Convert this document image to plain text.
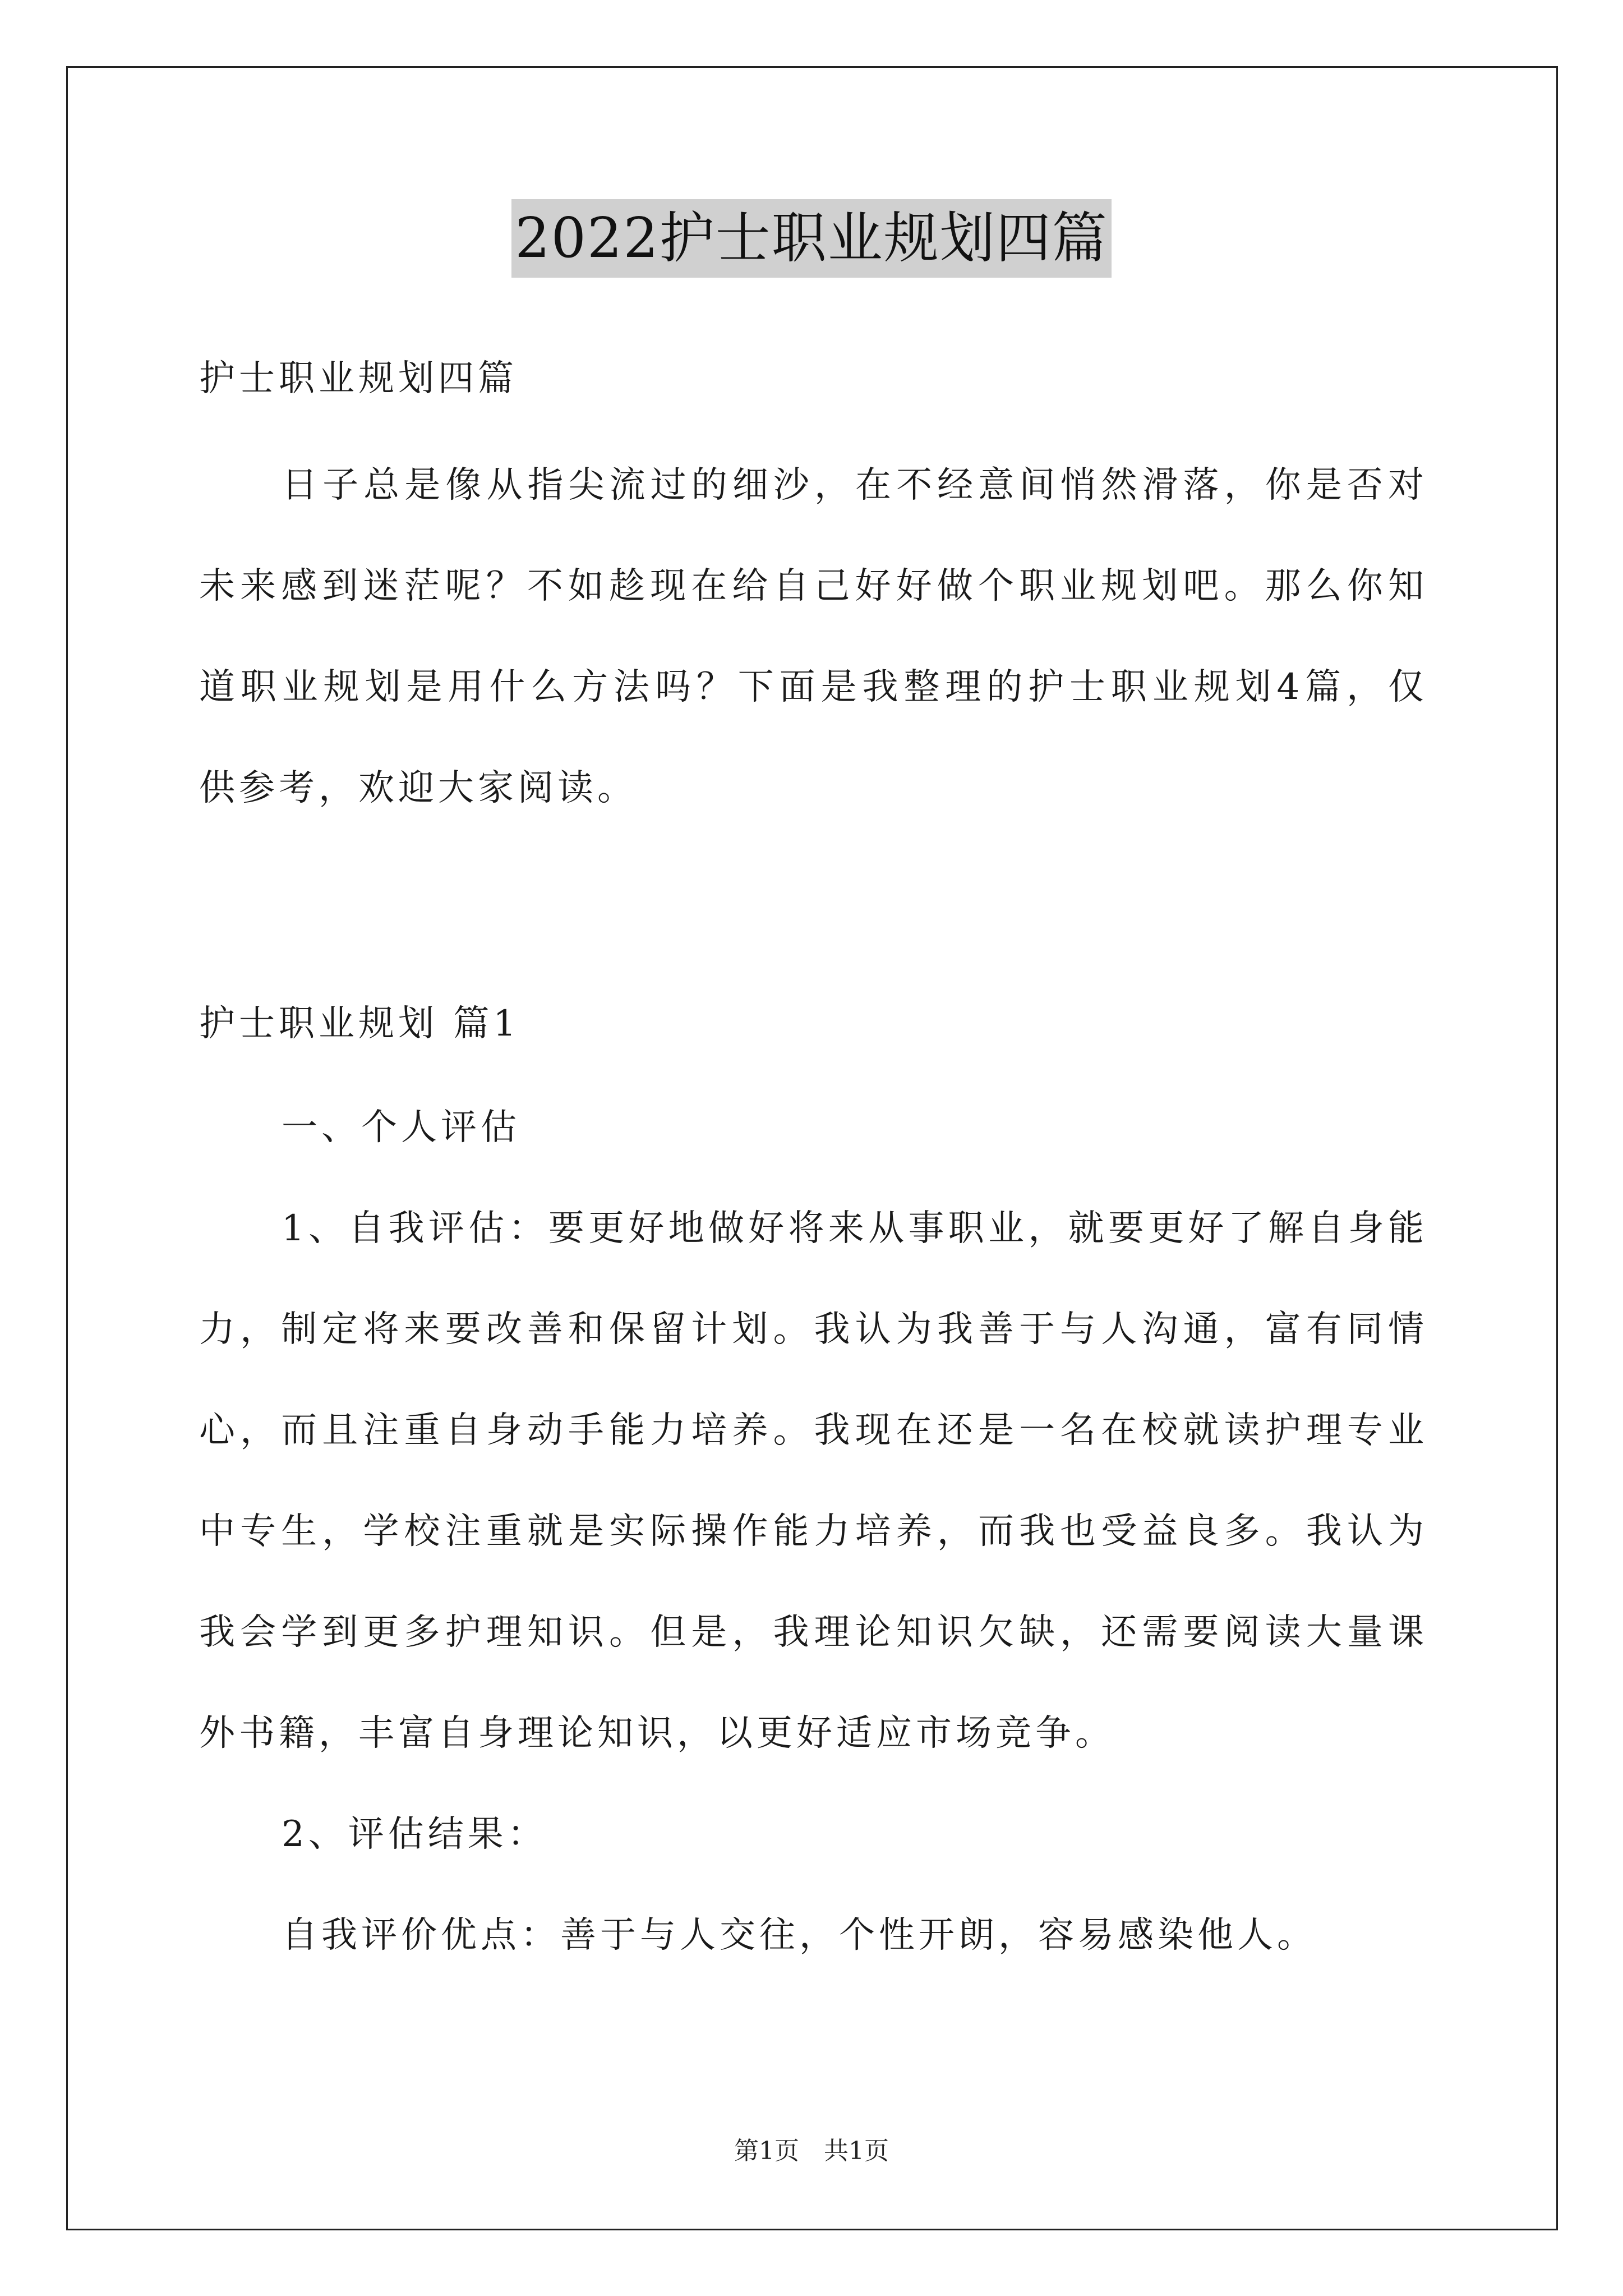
2022护士职业规划四篇
护士职业规划四篇
日子总是像从指尖流过的细沙，在不经意间悄然滑落，你是否对
未来感到迷茫呢？不如趁现在给自己好好做个职业规划吧。那么你知
道职业规划是用什么方法吗？下面是我整理的护士职业规划4篇，仅
供参考，欢迎大家阅读。
护士职业规划 篇1
一、个人评估
1、自我评估：要更好地做好将来从事职业，就要更好了解自身能
力，制定将来要改善和保留计划。我认为我善于与人沟通，富有同情
心，而且注重自身动手能力培养。我现在还是一名在校就读护理专业
中专生，学校注重就是实际操作能力培养，而我也受益良多。我认为
我会学到更多护理知识。但是，我理论知识欠缺，还需要阅读大量课
外书籍，丰富自身理论知识，以更好适应市场竞争。
2、评估结果：
自我评价优点：善于与人交往，个性开朗，容易感染他人。
第1页　共1页
